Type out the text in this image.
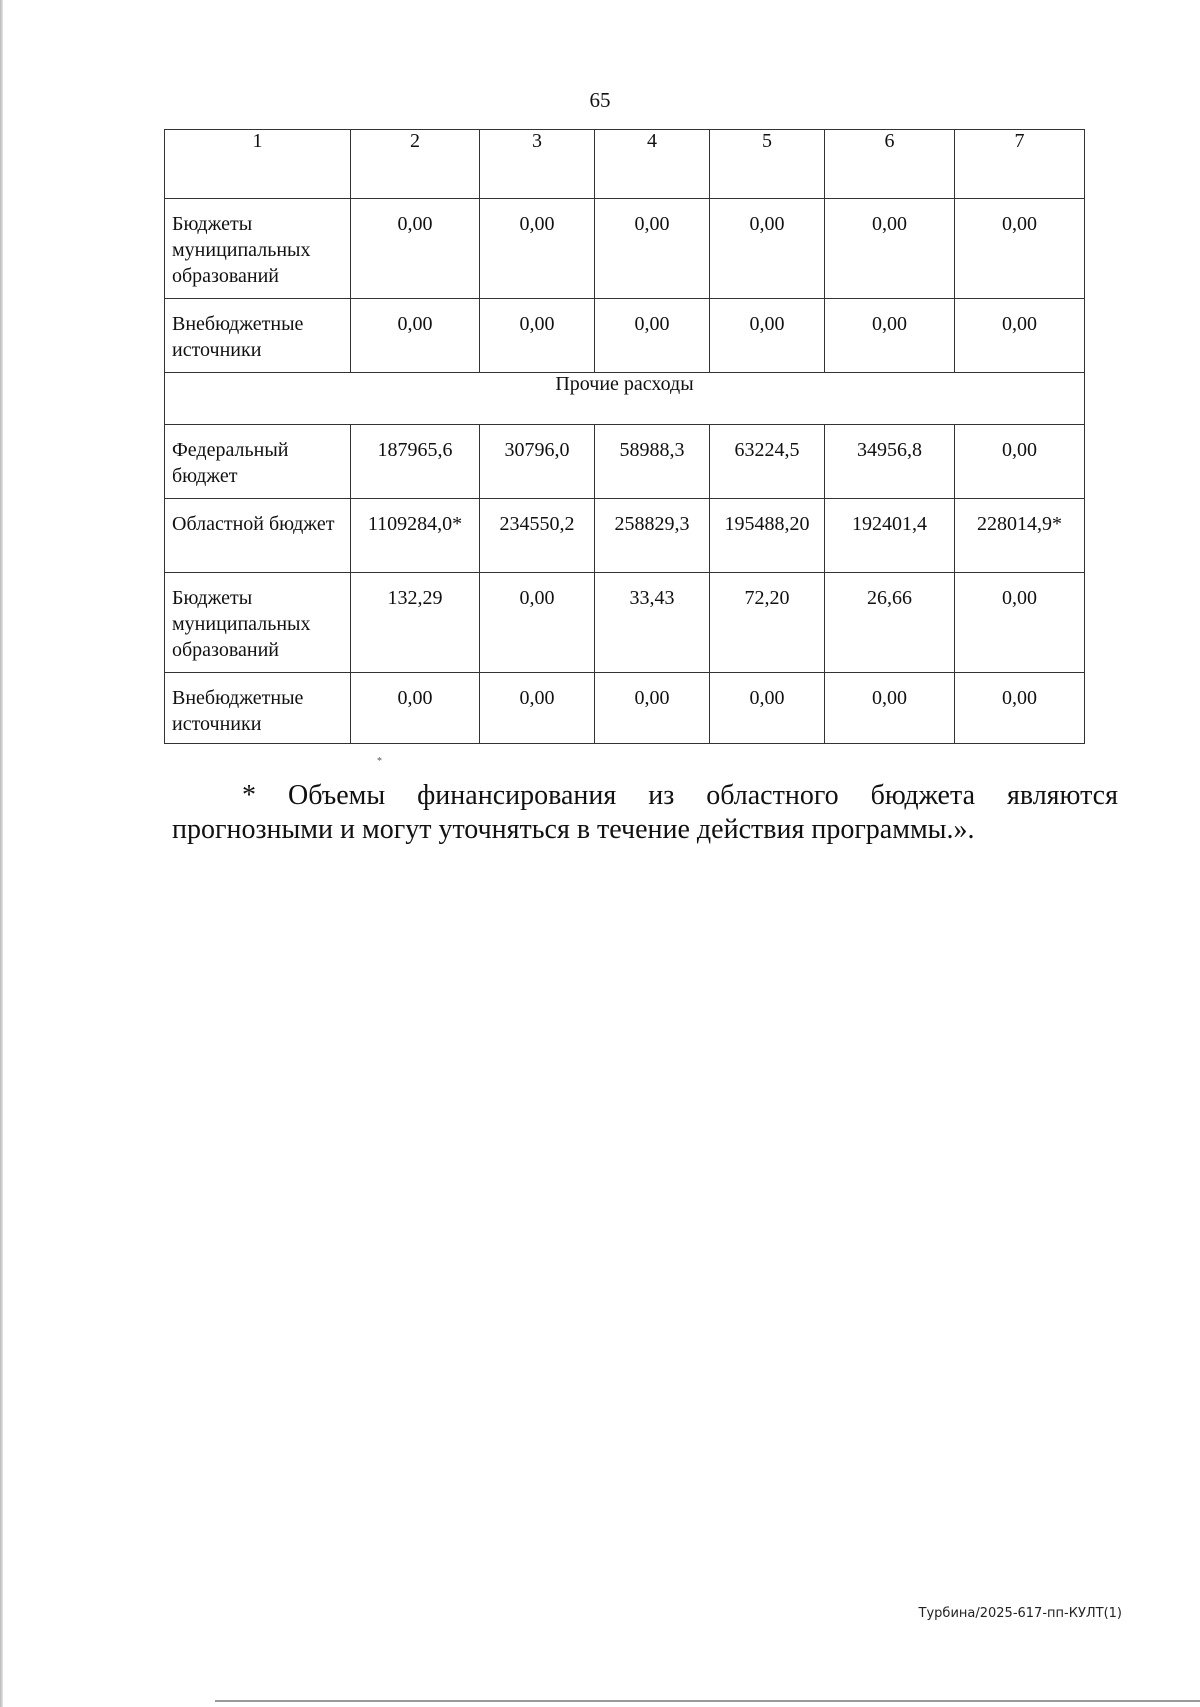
65
1	2	3	4	5	6	7
Бюджеты муниципальных образований	0,00	0,00	0,00	0,00	0,00	0,00
Внебюджетные источники	0,00	0,00	0,00	0,00	0,00	0,00
Прочие расходы						
Федеральный бюджет	187965,6	30796,0	58988,3	63224,5	34956,8	0,00
Областной бюджет	1109284,0*	234550,2	258829,3	195488,20	192401,4	228014,9*
Бюджеты муниципальных образований	132,29	0,00	33,43	72,20	26,66	0,00
Внебюджетные источники	0,00	0,00	0,00	0,00	0,00	0,00
*
* Объемы финансирования из областного бюджета являются прогнозными и могут уточняться в течение действия программы.».
Турбина/2025-617-пп-КУЛТ(1)
